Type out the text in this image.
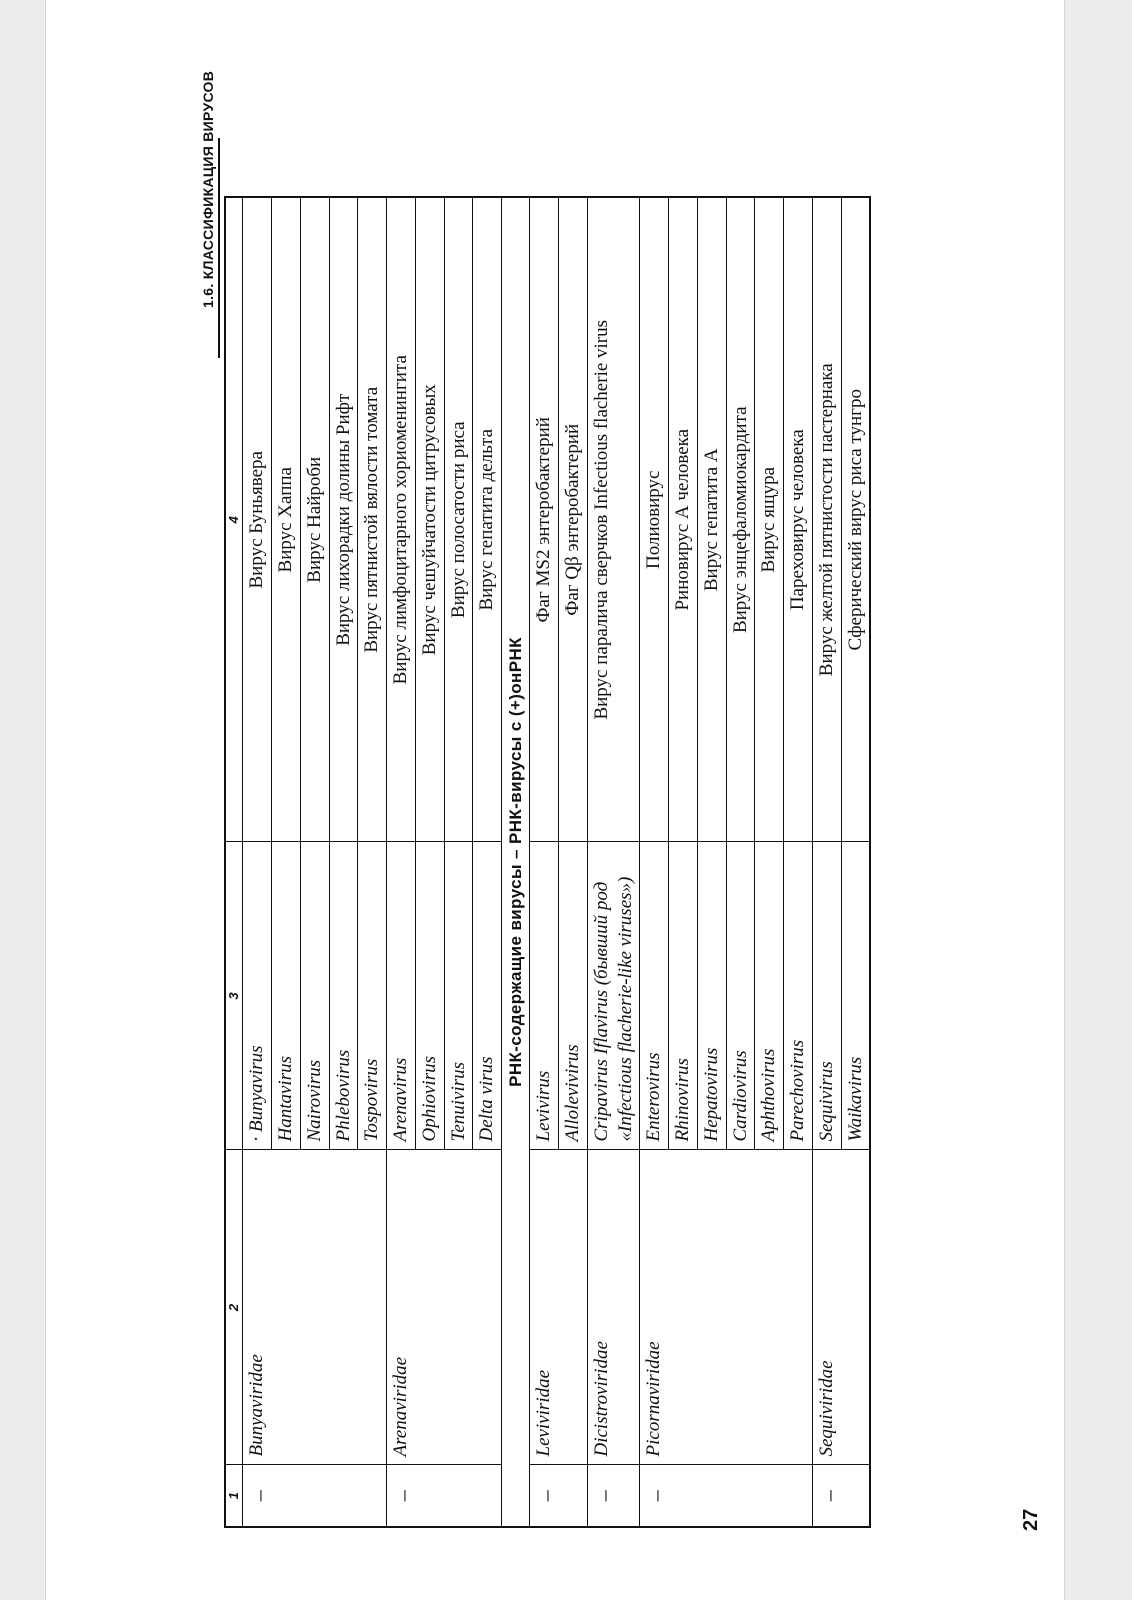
1.6. КЛАССИФИКАЦИЯ ВИРУСОВ
1	2	3	4
–	Bunyaviridae	· Bunyavirus	Вирус Буньявера
		Hantavirus	Вирус Хаппа
		Nairovirus	Вирус Найроби
		Phlebovirus	Вирус лихорадки долины Рифт
		Tospovirus	Вирус пятнистой вялости томата
–	Arenaviridae	Arenavirus	Вирус лимфоцитарного хориоменингита
		Ophiovirus	Вирус чешуйчатости цитрусовых
		Tenuivirus	Вирус полосатости риса
		Delta virus	Вирус гепатита дельта
РНК-содержащие вирусы – РНК-вирусы с (+)онРНК			
–	Leviviridae	Levivirus	Фаг MS2 энтеробактерий
		Allolevivirus	Фаг Qβ энтеробактерий
–	Dicistroviridae	Cripavirus Iflavirus (бывший род «Infectious flacherie-like viruses»)	Вирус паралича сверчков Infectious flacherie virus
–	Picornaviridae	Enterovirus	Полиовирус
		Rhinovirus	Риновирус А человека
		Hepatovirus	Вирус гепатита А
		Cardiovirus	Вирус энцефаломиокардита
		Aphthovirus	Вирус ящура
		Parechovirus	Пареховирус человека
–	Sequiviridae	Sequivirus	Вирус желтой пятнистости пастернака
		Waikavirus	Сферический вирус риса тунгро
27
